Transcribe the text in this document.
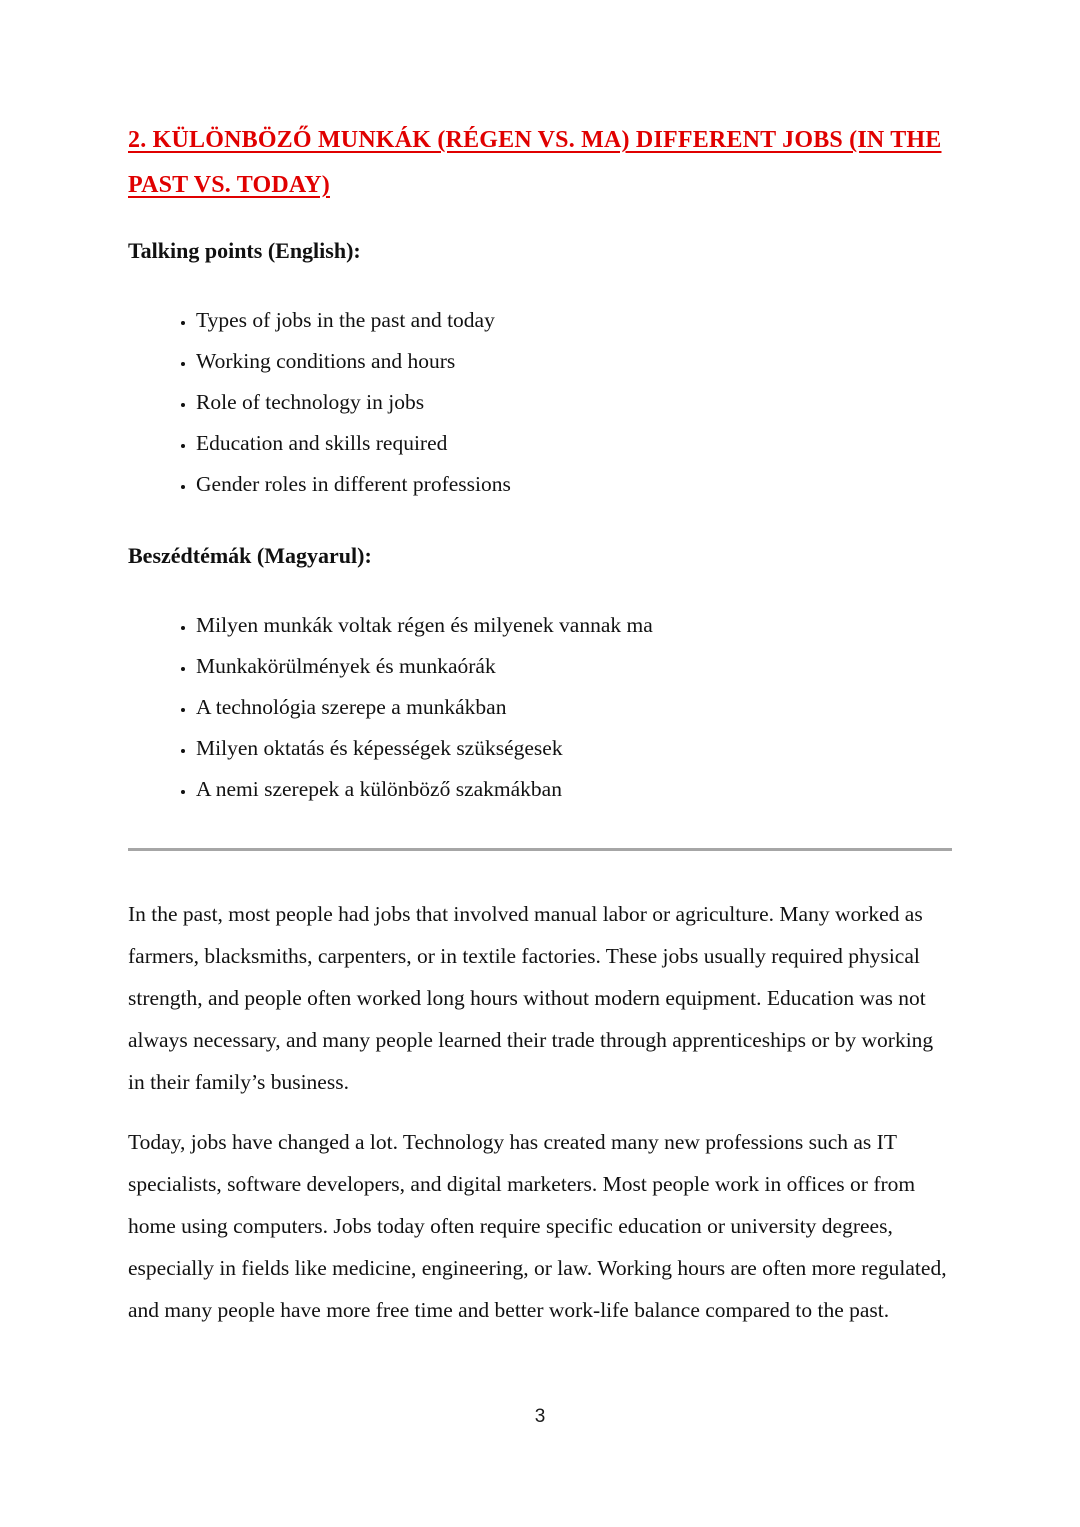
2. KÜLÖNBÖZŐ MUNKÁK (RÉGEN VS. MA) DIFFERENT JOBS (IN THE PAST VS. TODAY)
Talking points (English):
• Types of jobs in the past and today
• Working conditions and hours
• Role of technology in jobs
• Education and skills required
• Gender roles in different professions
Beszédtémák (Magyarul):
• Milyen munkák voltak régen és milyenek vannak ma
• Munkakörülmények és munkaórák
• A technológia szerepe a munkákban
• Milyen oktatás és képességek szükségesek
• A nemi szerepek a különböző szakmákban

In the past, most people had jobs that involved manual labor or agriculture. Many worked as farmers, blacksmiths, carpenters, or in textile factories. These jobs usually required physical strength, and people often worked long hours without modern equipment. Education was not always necessary, and many people learned their trade through apprenticeships or by working in their family’s business.

Today, jobs have changed a lot. Technology has created many new professions such as IT specialists, software developers, and digital marketers. Most people work in offices or from home using computers. Jobs today often require specific education or university degrees, especially in fields like medicine, engineering, or law. Working hours are often more regulated, and many people have more free time and better work-life balance compared to the past.

3
